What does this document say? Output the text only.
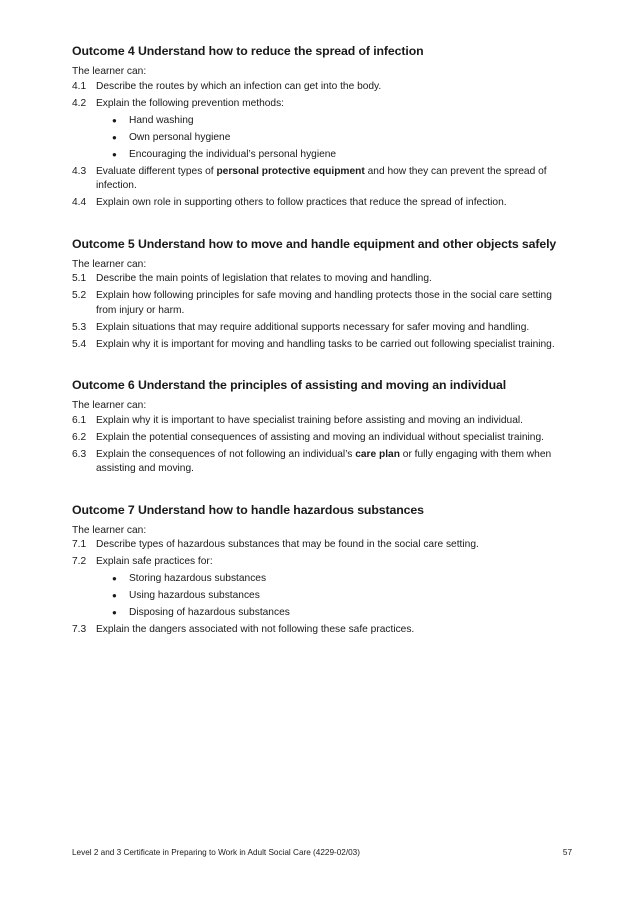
Outcome 4 Understand how to reduce the spread of infection

The learner can:

4.1 Describe the routes by which an infection can get into the body.
4.2 Explain the following prevention methods:
●	Hand washing
●	Own personal hygiene
●	Encouraging the individual’s personal hygiene
4.3 Evaluate different types of personal protective equipment and how they can prevent the spread of infection.
4.4 Explain own role in supporting others to follow practices that reduce the spread of infection.
Outcome 5 Understand how to move and handle equipment and other objects safely

The learner can:

5.1 Describe the main points of legislation that relates to moving and handling.
5.2 Explain how following principles for safe moving and handling protects those in the social care setting from injury or harm.
5.3 Explain situations that may require additional supports necessary for safer moving and handling.
5.4 Explain why it is important for moving and handling tasks to be carried out following specialist training.
Outcome 6 Understand the principles of assisting and moving an individual

The learner can:

6.1 Explain why it is important to have specialist training before assisting and moving an individual.
6.2 Explain the potential consequences of assisting and moving an individual without specialist training.
6.3 Explain the consequences of not following an individual’s care plan or fully engaging with them when assisting and moving.
Outcome 7 Understand how to handle hazardous substances

The learner can:

7.1 Describe types of hazardous substances that may be found in the social care setting.
7.2 Explain safe practices for:
●	Storing hazardous substances
●	Using hazardous substances
●	Disposing of hazardous substances
7.3 Explain the dangers associated with not following these safe practices.
Level 2 and 3 Certificate in Preparing to Work in Adult Social Care (4229-02/03)	57
